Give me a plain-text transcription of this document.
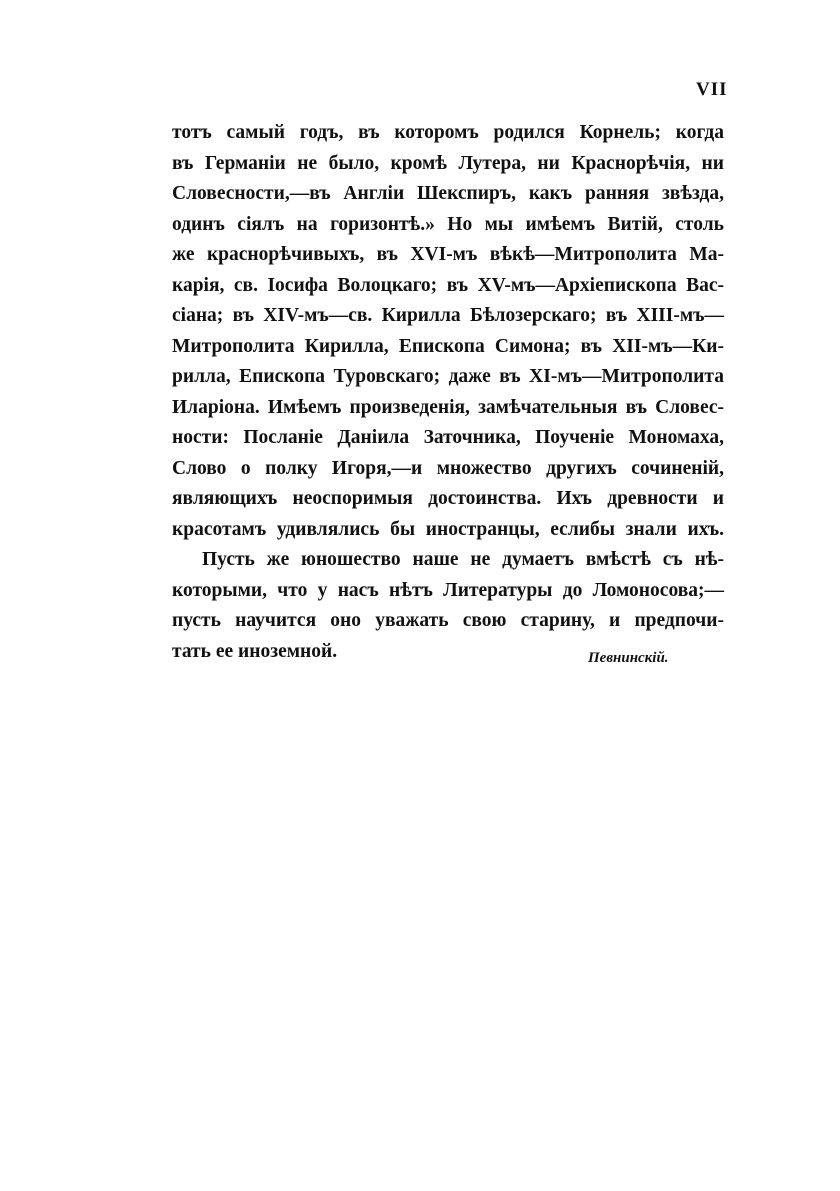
VII
тотъ самый годъ, въ которомъ родился Корнель; когда
въ Германіи не было, кромѣ Лутера, ни Краснорѣчія, ни
Словесности,—въ Англіи Шекспиръ, какъ ранняя звѣзда,
одинъ сіялъ на горизонтѣ.» Но мы имѣемъ Витій, столь
же краснорѣчивыхъ, въ XVI-мъ вѣкѣ—Митрополита Ма-
карія, св. Іосифа Волоцкаго; въ XV-мъ—Архіепископа Вас-
сіана; въ XIV-мъ—св. Кирилла Бѣлозерскаго; въ XIII-мъ—
Митрополита Кирилла, Епископа Симона; въ XII-мъ—Ки-
рилла, Епископа Туровскаго; даже въ XI-мъ—Митрополита
Иларіона. Имѣемъ произведенія, замѣчательныя въ Словес-
ности: Посланіе Даніила Заточника, Поученіе Мономаха,
Слово о полку Игоря,—и множество другихъ сочиненій,
являющихъ неоспоримыя достоинства. Ихъ древности и
красотамъ удивлялись бы иностранцы, еслибы знали ихъ.
Пусть же юношество наше не думаетъ вмѣстѣ съ нѣ-
которыми, что у насъ нѣтъ Литературы до Ломоносова;—
пусть научится оно уважать свою старину, и предпочи-
тать ее иноземной.	Певнинскій.
